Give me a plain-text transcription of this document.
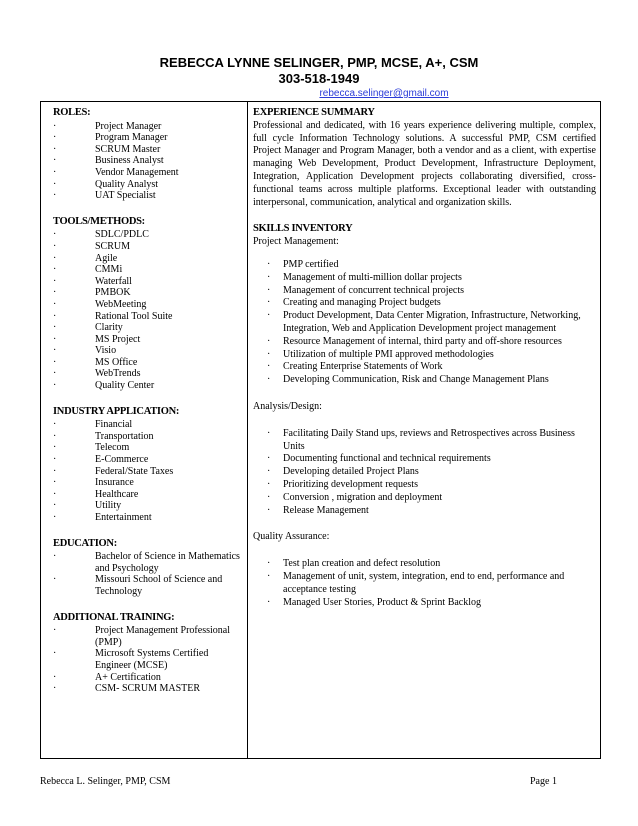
REBECCA LYNNE SELINGER, PMP, MCSE, A+, CSM
303-518-1949
rebecca.selinger@gmail.com

ROLES:

· Project Manager
· Program Manager
· SCRUM Master
· Business Analyst
· Vendor Management
· Quality Analyst
· UAT Specialist

TOOLS/METHODS:

· SDLC/PDLC
· SCRUM
· Agile
· CMMi
· Waterfall
· PMBOK
· WebMeeting
· Rational Tool Suite
· Clarity
· MS Project
· Visio
· MS Office
· WebTrends
· Quality Center

INDUSTRY APPLICATION:

· Financial
· Transportation
· Telecom
· E-Commerce
· Federal/State Taxes
· Insurance
· Healthcare
· Utility
· Entertainment

EDUCATION:

· Bachelor of Science in Mathematics and Psychology
· Missouri School of Science and Technology

ADDITIONAL TRAINING:

· Project Management Professional (PMP)
· Microsoft Systems Certified Engineer (MCSE)
· A+ Certification
· CSM- SCRUM MASTER

EXPERIENCE SUMMARY

Professional and dedicated, with 16 years experience delivering multiple, complex, full cycle Information Technology solutions. A successful PMP, CSM certified Project Manager and Program Manager, both a vendor and as a client, with expertise managing Web Development, Product Development, Infrastructure Deployment, Integration, Application Development projects collaborating diversified, cross-functional teams across multiple platforms. Exceptional leader with outstanding interpersonal, communication, analytical and organization skills.

SKILLS INVENTORY

Project Management:

· PMP certified
· Management of multi-million dollar projects
· Management of concurrent technical projects
· Creating and managing Project budgets
· Product Development, Data Center Migration, Infrastructure, Networking, Integration, Web and Application Development project management
· Resource Management of internal, third party and off-shore resources
· Utilization of multiple PMI approved methodologies
· Creating Enterprise Statements of Work
· Developing Communication, Risk and Change Management Plans

Analysis/Design:

· Facilitating Daily Stand ups, reviews and Retrospectives across Business Units
· Documenting functional and technical requirements
· Developing detailed Project Plans
· Prioritizing development requests
· Conversion , migration and deployment
· Release Management

Quality Assurance:

· Test plan creation and defect resolution
· Management of unit, system, integration, end to end, performance and acceptance testing
· Managed User Stories, Product & Sprint Backlog
Rebecca L. Selinger, PMP, CSM	Page 1
